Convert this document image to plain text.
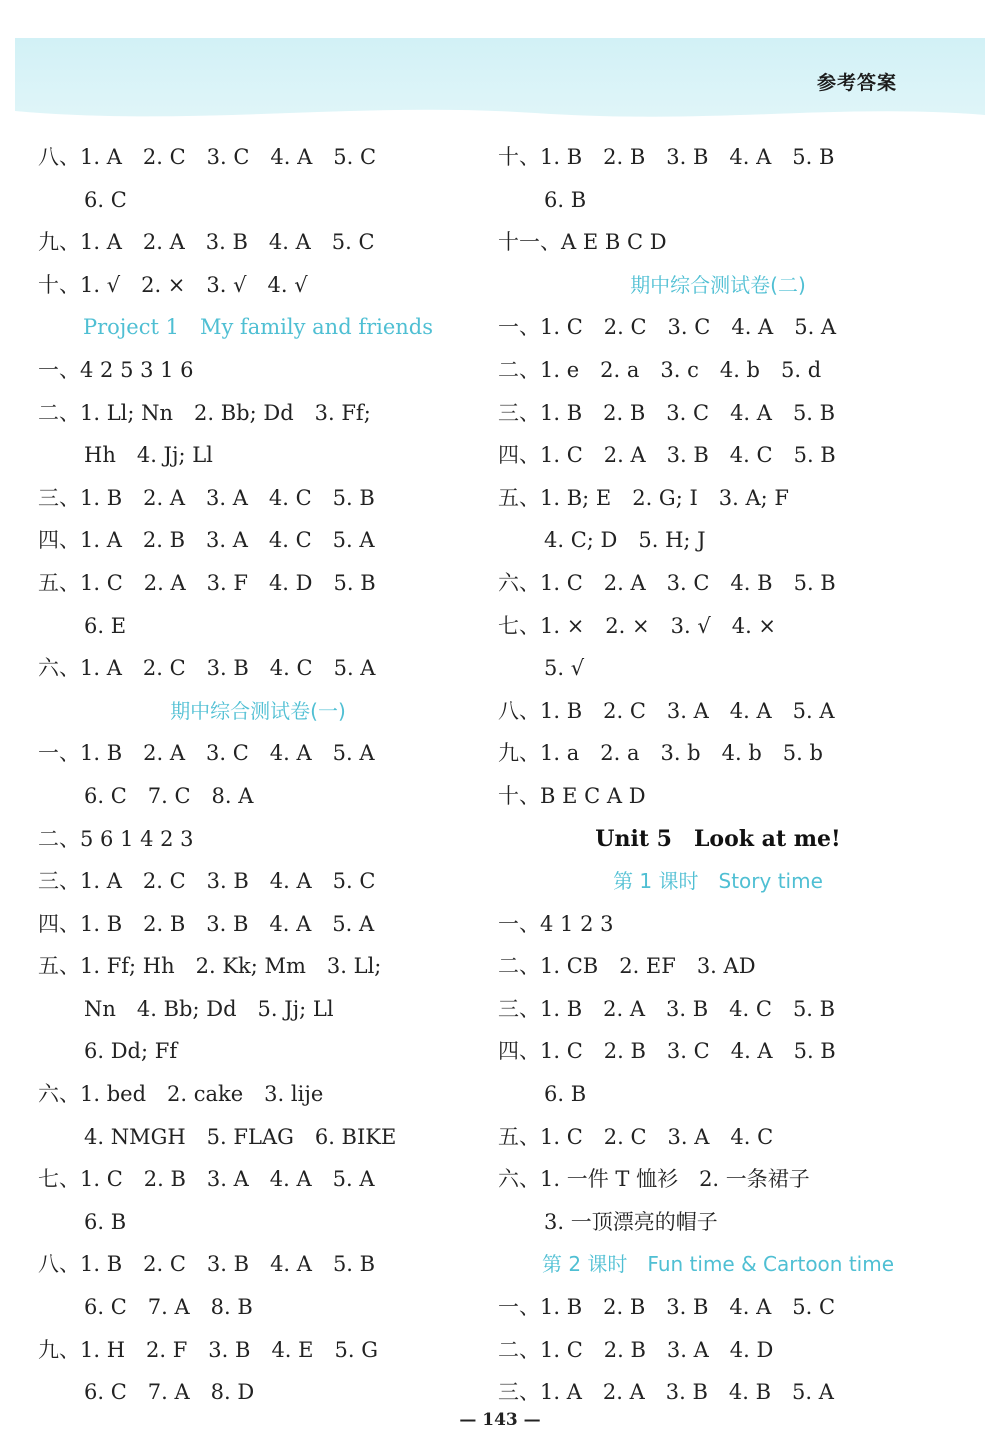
参考答案
八、1. A　2. C　3. C　4. A　5. C
6. C
九、1. A　2. A　3. B　4. A　5. C
十、1. √　2. ×　3. √　4. √
Project 1　My family and friends
一、4 2 5 3 1 6
二、1. Ll; Nn　2. Bb; Dd　3. Ff;
Hh　4. Jj; Ll
三、1. B　2. A　3. A　4. C　5. B
四、1. A　2. B　3. A　4. C　5. A
五、1. C　2. A　3. F　4. D　5. B
6. E
六、1. A　2. C　3. B　4. C　5. A
期中综合测试卷(一)
一、1. B　2. A　3. C　4. A　5. A
6. C　7. C　8. A
二、5 6 1 4 2 3
三、1. A　2. C　3. B　4. A　5. C
四、1. B　2. B　3. B　4. A　5. A
五、1. Ff; Hh　2. Kk; Mm　3. Ll;
Nn　4. Bb; Dd　5. Jj; Ll
6. Dd; Ff
六、1. bed　2. cake　3. lije
4. NMGH　5. FLAG　6. BIKE
七、1. C　2. B　3. A　4. A　5. A
6. B
八、1. B　2. C　3. B　4. A　5. B
6. C　7. A　8. B
九、1. H　2. F　3. B　4. E　5. G
6. C　7. A　8. D
十、1. B　2. B　3. B　4. A　5. B
6. B
十一、A E B C D
期中综合测试卷(二)
一、1. C　2. C　3. C　4. A　5. A
二、1. e　2. a　3. c　4. b　5. d
三、1. B　2. B　3. C　4. A　5. B
四、1. C　2. A　3. B　4. C　5. B
五、1. B; E　2. G; I　3. A; F
4. C; D　5. H; J
六、1. C　2. A　3. C　4. B　5. B
七、1. ×　2. ×　3. √　4. ×
5. √
八、1. B　2. C　3. A　4. A　5. A
九、1. a　2. a　3. b　4. b　5. b
十、B E C A D
Unit 5　Look at me!
第 1 课时　Story time
一、4 1 2 3
二、1. CB　2. EF　3. AD
三、1. B　2. A　3. B　4. C　5. B
四、1. C　2. B　3. C　4. A　5. B
6. B
五、1. C　2. C　3. A　4. C
六、1. 一件 T 恤衫　2. 一条裙子
3. 一顶漂亮的帽子
第 2 课时　Fun time & Cartoon time
一、1. B　2. B　3. B　4. A　5. C
二、1. C　2. B　3. A　4. D
三、1. A　2. A　3. B　4. B　5. A
— 143 —
